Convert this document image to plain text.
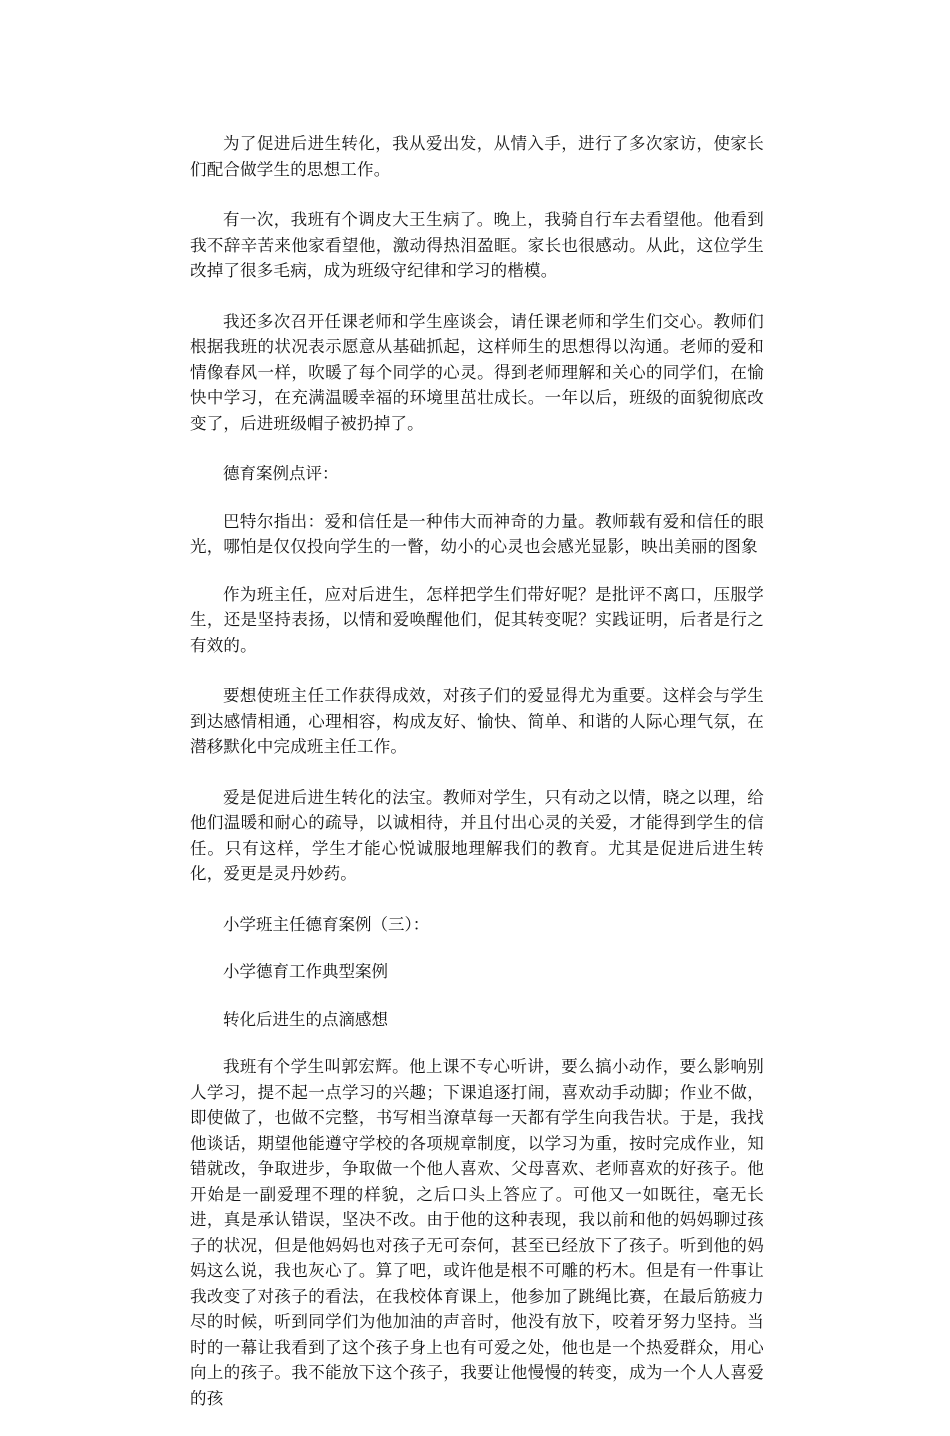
为了促进后进生转化，我从爱出发，从情入手，进行了多次家访，使家长们配合做学生的思想工作。

有一次，我班有个调皮大王生病了。晚上，我骑自行车去看望他。他看到我不辞辛苦来他家看望他，激动得热泪盈眶。家长也很感动。从此，这位学生改掉了很多毛病，成为班级守纪律和学习的楷模。

我还多次召开任课老师和学生座谈会，请任课老师和学生们交心。教师们根据我班的状况表示愿意从基础抓起，这样师生的思想得以沟通。老师的爱和情像春风一样，吹暖了每个同学的心灵。得到老师理解和关心的同学们，在愉快中学习，在充满温暖幸福的环境里茁壮成长。一年以后，班级的面貌彻底改变了，后进班级帽子被扔掉了。

德育案例点评：

巴特尔指出：爱和信任是一种伟大而神奇的力量。教师载有爱和信任的眼光，哪怕是仅仅投向学生的一瞥，幼小的心灵也会感光显影，映出美丽的图象

作为班主任，应对后进生，怎样把学生们带好呢？是批评不离口，压服学生，还是坚持表扬，以情和爱唤醒他们，促其转变呢？实践证明，后者是行之有效的。

要想使班主任工作获得成效，对孩子们的爱显得尤为重要。这样会与学生到达感情相通，心理相容，构成友好、愉快、简单、和谐的人际心理气氛，在潜移默化中完成班主任工作。

爱是促进后进生转化的法宝。教师对学生，只有动之以情，晓之以理，给他们温暖和耐心的疏导，以诚相待，并且付出心灵的关爱，才能得到学生的信任。只有这样，学生才能心悦诚服地理解我们的教育。尤其是促进后进生转化，爱更是灵丹妙药。

小学班主任德育案例（三）：

小学德育工作典型案例

转化后进生的点滴感想

我班有个学生叫郭宏辉。他上课不专心听讲，要么搞小动作，要么影响别人学习，提不起一点学习的兴趣；下课追逐打闹，喜欢动手动脚；作业不做，即使做了，也做不完整，书写相当潦草每一天都有学生向我告状。于是，我找他谈话，期望他能遵守学校的各项规章制度，以学习为重，按时完成作业，知错就改，争取进步，争取做一个他人喜欢、父母喜欢、老师喜欢的好孩子。他开始是一副爱理不理的样貌，之后口头上答应了。可他又一如既往，毫无长进，真是承认错误，坚决不改。由于他的这种表现，我以前和他的妈妈聊过孩子的状况，但是他妈妈也对孩子无可奈何，甚至已经放下了孩子。听到他的妈妈这么说，我也灰心了。算了吧，或许他是根不可雕的朽木。但是有一件事让我改变了对孩子的看法，在我校体育课上，他参加了跳绳比赛，在最后筋疲力尽的时候，听到同学们为他加油的声音时，他没有放下，咬着牙努力坚持。当时的一幕让我看到了这个孩子身上也有可爱之处，他也是一个热爱群众，用心向上的孩子。我不能放下这个孩子，我要让他慢慢的转变，成为一个人人喜爱的孩
